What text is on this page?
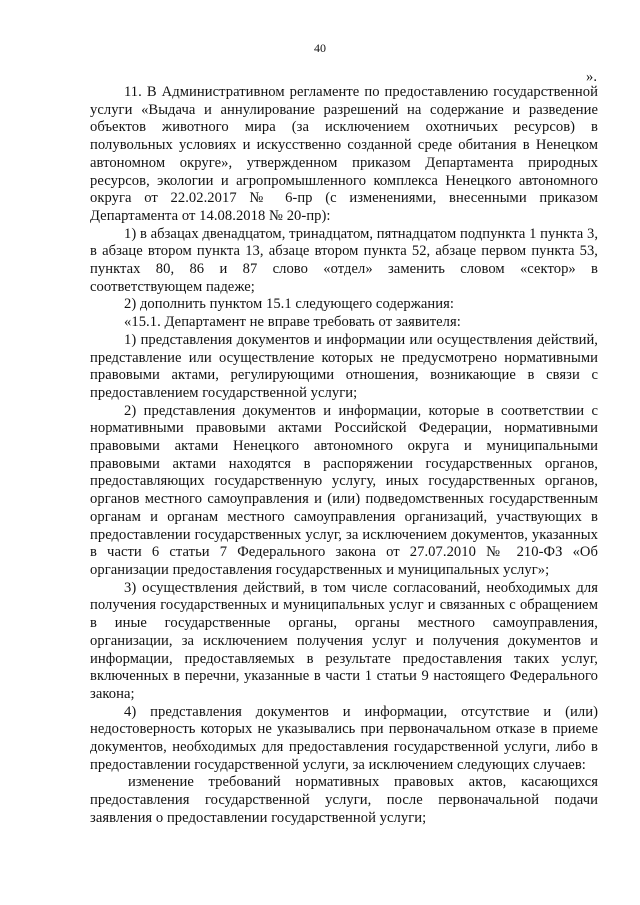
40
».

11. В Административном регламенте по предоставлению государственной услуги «Выдача и аннулирование разрешений на содержание и разведение объектов животного мира (за исключением охотничьих ресурсов) в полувольных условиях и искусственно созданной среде обитания в Ненецком автономном округе», утвержденном приказом Департамента природных ресурсов, экологии и агропромышленного комплекса Ненецкого автономного округа от 22.02.2017 № 6-пр (с изменениями, внесенными приказом Департамента от 14.08.2018 № 20-пр):

1) в абзацах двенадцатом, тринадцатом, пятнадцатом подпункта 1 пункта 3, в абзаце втором пункта 13, абзаце втором пункта 52, абзаце первом пункта 53, пунктах 80, 86 и 87 слово «отдел» заменить словом «сектор» в соответствующем падеже;

2) дополнить пунктом 15.1 следующего содержания:

«15.1. Департамент не вправе требовать от заявителя:

1) представления документов и информации или осуществления действий, представление или осуществление которых не предусмотрено нормативными правовыми актами, регулирующими отношения, возникающие в связи с предоставлением государственной услуги;

2) представления документов и информации, которые в соответствии с нормативными правовыми актами Российской Федерации, нормативными правовыми актами Ненецкого автономного округа и муниципальными правовыми актами находятся в распоряжении государственных органов, предоставляющих государственную услугу, иных государственных органов, органов местного самоуправления и (или) подведомственных государственным органам и органам местного самоуправления организаций, участвующих в предоставлении государственных услуг, за исключением документов, указанных в части 6 статьи 7 Федерального закона от 27.07.2010 № 210-ФЗ «Об организации предоставления государственных и муниципальных услуг»;

3) осуществления действий, в том числе согласований, необходимых для получения государственных и муниципальных услуг и связанных с обращением в иные государственные органы, органы местного самоуправления, организации, за исключением получения услуг и получения документов и информации, предоставляемых в результате предоставления таких услуг, включенных в перечни, указанные в части 1 статьи 9 настоящего Федерального закона;

4) представления документов и информации, отсутствие и (или) недостоверность которых не указывались при первоначальном отказе в приеме документов, необходимых для предоставления государственной услуги, либо в предоставлении государственной услуги, за исключением следующих случаев:

изменение требований нормативных правовых актов, касающихся предоставления государственной услуги, после первоначальной подачи заявления о предоставлении государственной услуги;
